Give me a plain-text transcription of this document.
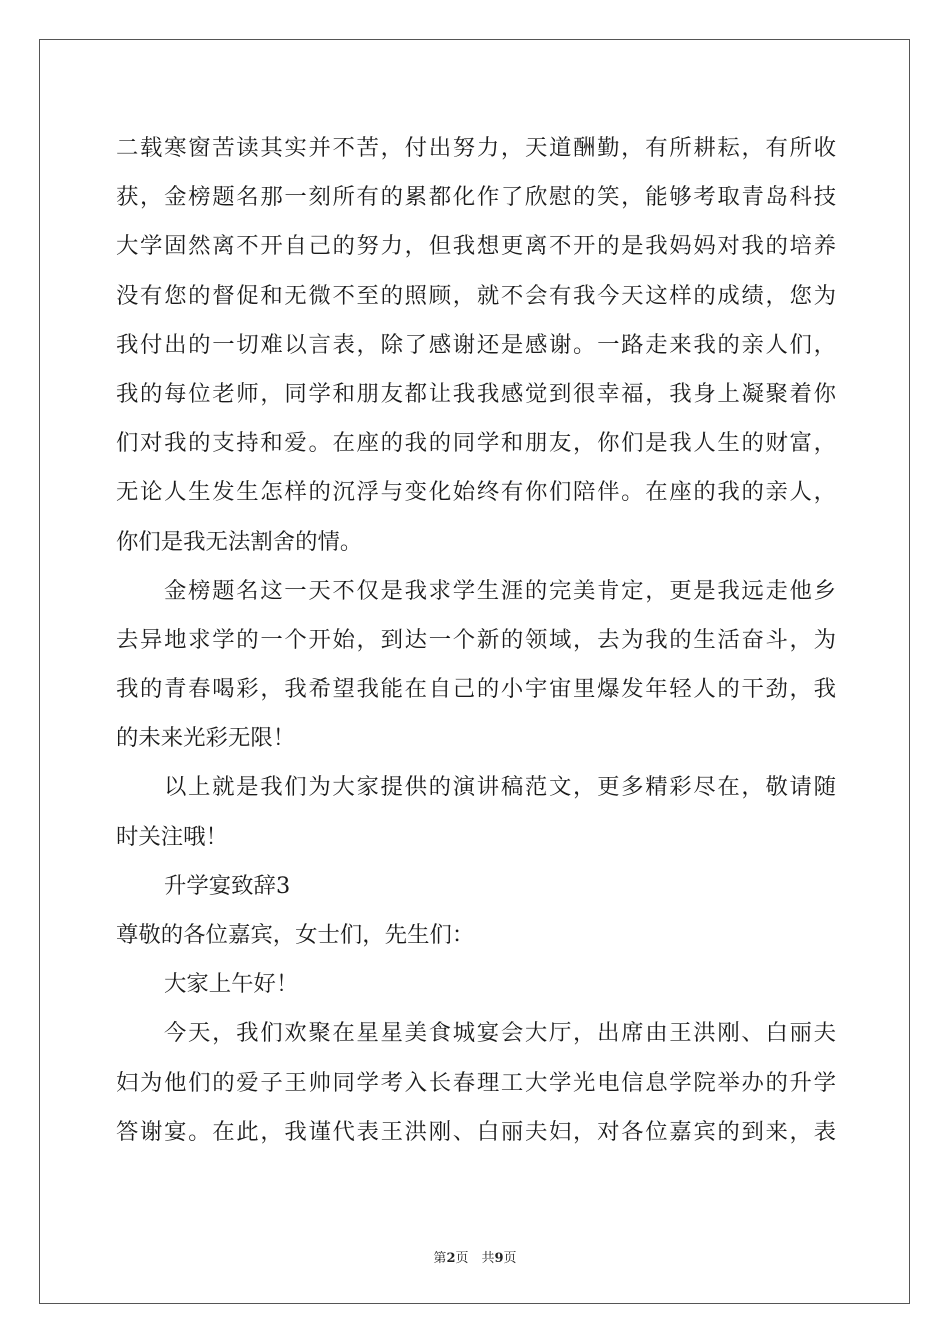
二载寒窗苦读其实并不苦，付出努力，天道酬勤，有所耕耘，有所收
获，金榜题名那一刻所有的累都化作了欣慰的笑，能够考取青岛科技
大学固然离不开自己的努力，但我想更离不开的是我妈妈对我的培养
没有您的督促和无微不至的照顾，就不会有我今天这样的成绩，您为
我付出的一切难以言表，除了感谢还是感谢。一路走来我的亲人们，
我的每位老师，同学和朋友都让我我感觉到很幸福，我身上凝聚着你
们对我的支持和爱。在座的我的同学和朋友，你们是我人生的财富，
无论人生发生怎样的沉浮与变化始终有你们陪伴。在座的我的亲人，
你们是我无法割舍的情。
金榜题名这一天不仅是我求学生涯的完美肯定，更是我远走他乡
去异地求学的一个开始，到达一个新的领域，去为我的生活奋斗，为
我的青春喝彩，我希望我能在自己的小宇宙里爆发年轻人的干劲，我
的未来光彩无限！
以上就是我们为大家提供的演讲稿范文，更多精彩尽在，敬请随
时关注哦！
升学宴致辞3
尊敬的各位嘉宾，女士们，先生们：
大家上午好！
今天，我们欢聚在星星美食城宴会大厅，出席由王洪刚、白丽夫
妇为他们的爱子王帅同学考入长春理工大学光电信息学院举办的升学
答谢宴。在此，我谨代表王洪刚、白丽夫妇，对各位嘉宾的到来，表
第2页　共9页
